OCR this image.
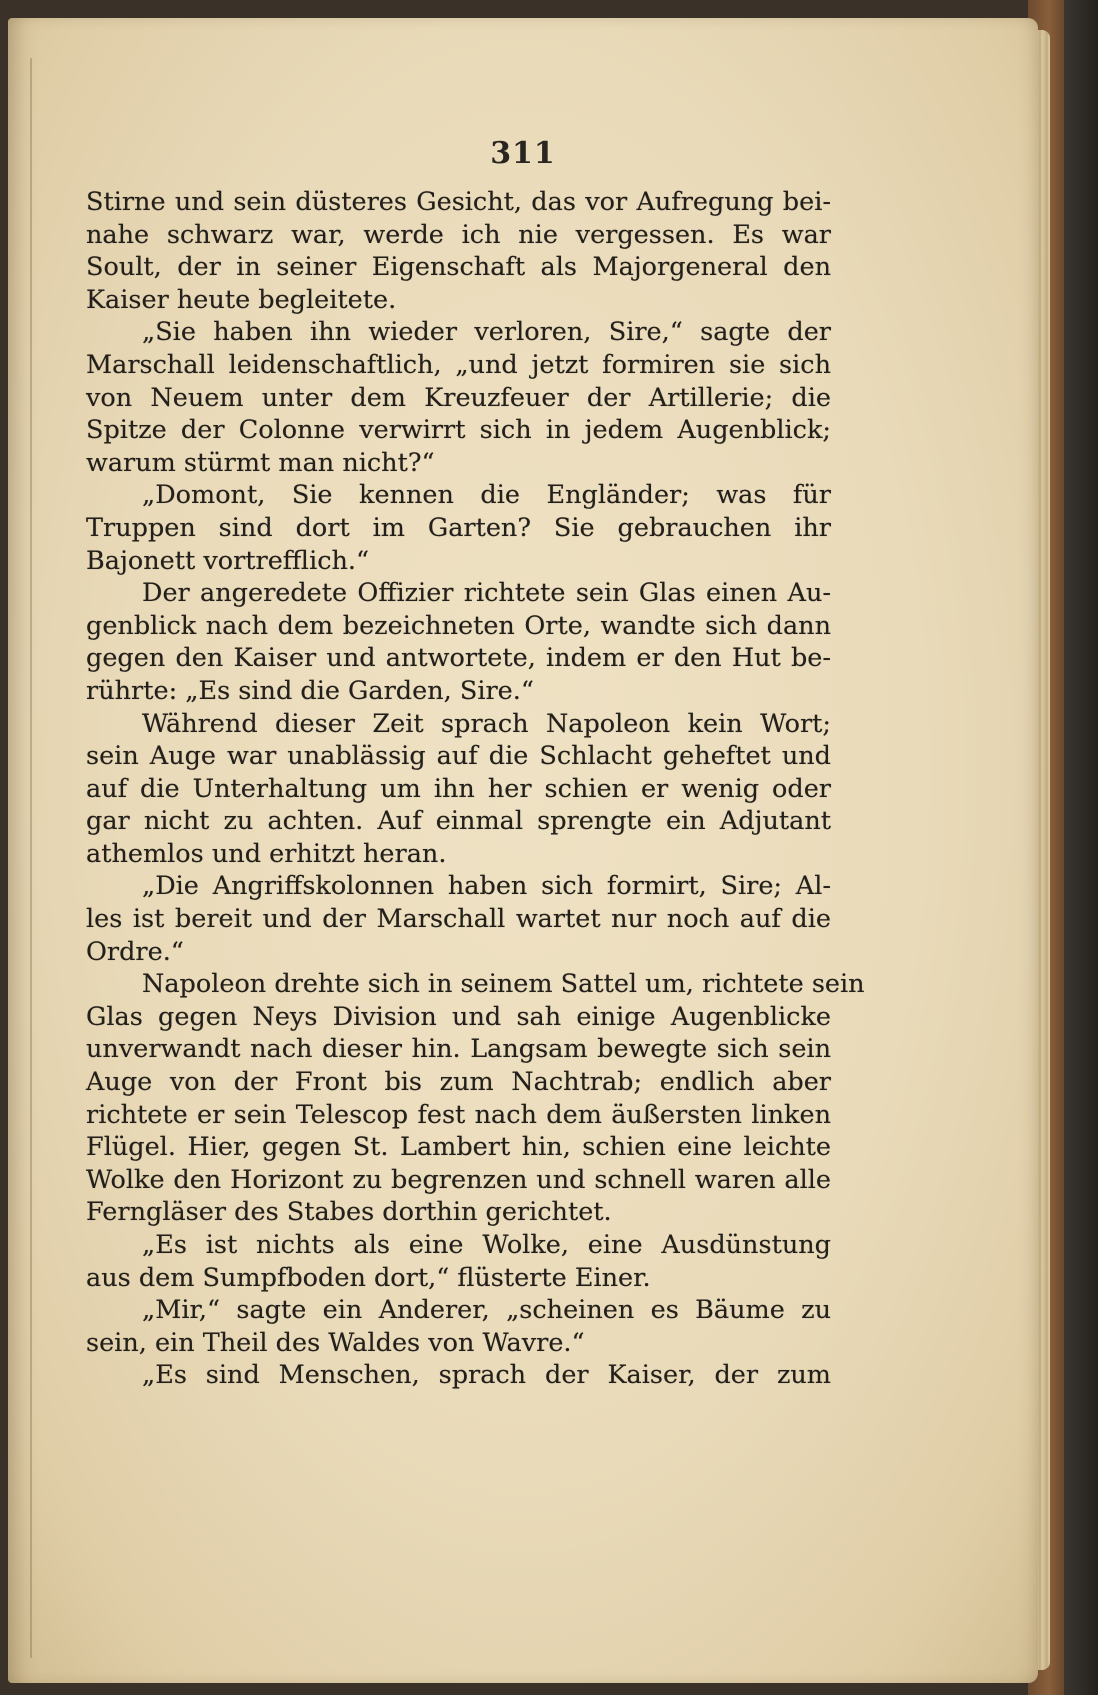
311
Stirne und sein düsteres Gesicht, das vor Aufregung bei-
nahe schwarz war, werde ich nie vergessen. Es war
Soult, der in seiner Eigenschaft als Majorgeneral den
Kaiser heute begleitete.
„Sie haben ihn wieder verloren, Sire,“ sagte der
Marschall leidenschaftlich, „und jetzt formiren sie sich
von Neuem unter dem Kreuzfeuer der Artillerie; die
Spitze der Colonne verwirrt sich in jedem Augenblick;
warum stürmt man nicht?“
„Domont, Sie kennen die Engländer; was für
Truppen sind dort im Garten? Sie gebrauchen ihr
Bajonett vortrefflich.“
Der angeredete Offizier richtete sein Glas einen Au-
genblick nach dem bezeichneten Orte, wandte sich dann
gegen den Kaiser und antwortete, indem er den Hut be-
rührte: „Es sind die Garden, Sire.“
Während dieser Zeit sprach Napoleon kein Wort;
sein Auge war unablässig auf die Schlacht geheftet und
auf die Unterhaltung um ihn her schien er wenig oder
gar nicht zu achten. Auf einmal sprengte ein Adjutant
athemlos und erhitzt heran.
„Die Angriffskolonnen haben sich formirt, Sire; Al-
les ist bereit und der Marschall wartet nur noch auf die
Ordre.“
Napoleon drehte sich in seinem Sattel um, richtete sein
Glas gegen Neys Division und sah einige Augenblicke
unverwandt nach dieser hin. Langsam bewegte sich sein
Auge von der Front bis zum Nachtrab; endlich aber
richtete er sein Telescop fest nach dem äußersten linken
Flügel. Hier, gegen St. Lambert hin, schien eine leichte
Wolke den Horizont zu begrenzen und schnell waren alle
Ferngläser des Stabes dorthin gerichtet.
„Es ist nichts als eine Wolke, eine Ausdünstung
aus dem Sumpfboden dort,“ flüsterte Einer.
„Mir,“ sagte ein Anderer, „scheinen es Bäume zu
sein, ein Theil des Waldes von Wavre.“
„Es sind Menschen, sprach der Kaiser, der zum
